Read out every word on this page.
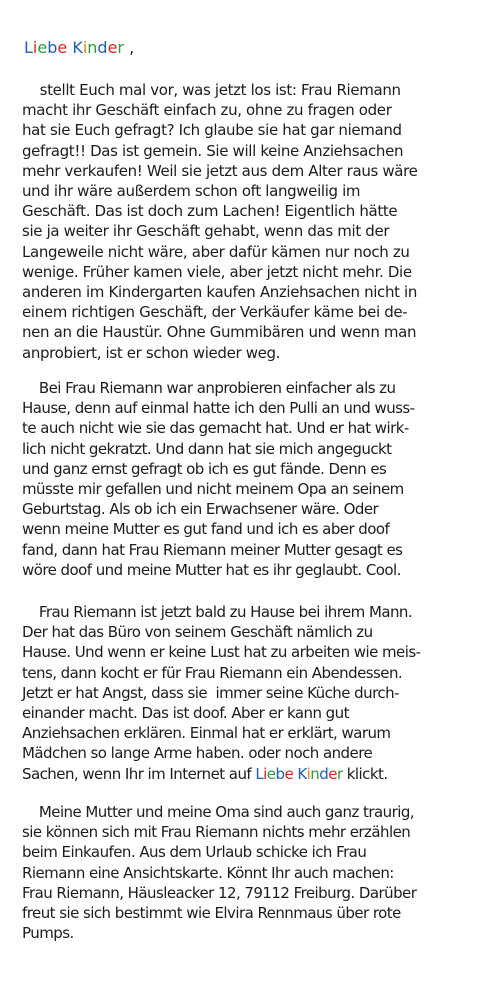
Liebe Kinder ,

stellt Euch mal vor, was jetzt los ist: Frau Riemann

macht ihr Geschäft einfach zu, ohne zu fragen oder

hat sie Euch gefragt? Ich glaube sie hat gar niemand

gefragt!! Das ist gemein. Sie will keine Anziehsachen

mehr verkaufen! Weil sie jetzt aus dem Alter raus wäre

und ihr wäre außerdem schon oft langweilig im

Geschäft. Das ist doch zum Lachen! Eigentlich hätte

sie ja weiter ihr Geschäft gehabt, wenn das mit der

Langeweile nicht wäre, aber dafür kämen nur noch zu

wenige. Früher kamen viele, aber jetzt nicht mehr. Die

anderen im Kindergarten kaufen Anziehsachen nicht in

einem richtigen Geschäft, der Verkäufer käme bei de-

nen an die Haustür. Ohne Gummibären und wenn man

anprobiert, ist er schon wieder weg.

Bei Frau Riemann war anprobieren einfacher als zu

Hause, denn auf einmal hatte ich den Pulli an und wuss-

te auch nicht wie sie das gemacht hat. Und er hat wirk-

lich nicht gekratzt. Und dann hat sie mich angeguckt

und ganz ernst gefragt ob ich es gut fände. Denn es

müsste mir gefallen und nicht meinem Opa an seinem

Geburtstag. Als ob ich ein Erwachsener wäre. Oder

wenn meine Mutter es gut fand und ich es aber doof

fand, dann hat Frau Riemann meiner Mutter gesagt es

wöre doof und meine Mutter hat es ihr geglaubt. Cool.

Frau Riemann ist jetzt bald zu Hause bei ihrem Mann.

Der hat das Büro von seinem Geschäft nämlich zu

Hause. Und wenn er keine Lust hat zu arbeiten wie meis-

tens, dann kocht er für Frau Riemann ein Abendessen.

Jetzt er hat Angst, dass sie  immer seine Küche durch-

einander macht. Das ist doof. Aber er kann gut

Anziehsachen erklären. Einmal hat er erklärt, warum

Mädchen so lange Arme haben. oder noch andere

Sachen, wenn Ihr im Internet auf Liebe Kinder klickt.

Meine Mutter und meine Oma sind auch ganz traurig,

sie können sich mit Frau Riemann nichts mehr erzählen

beim Einkaufen. Aus dem Urlaub schicke ich Frau

Riemann eine Ansichtskarte. Könnt Ihr auch machen:

Frau Riemann, Häusleacker 12, 79112 Freiburg. Darüber

freut sie sich bestimmt wie Elvira Rennmaus über rote

Pumps.
